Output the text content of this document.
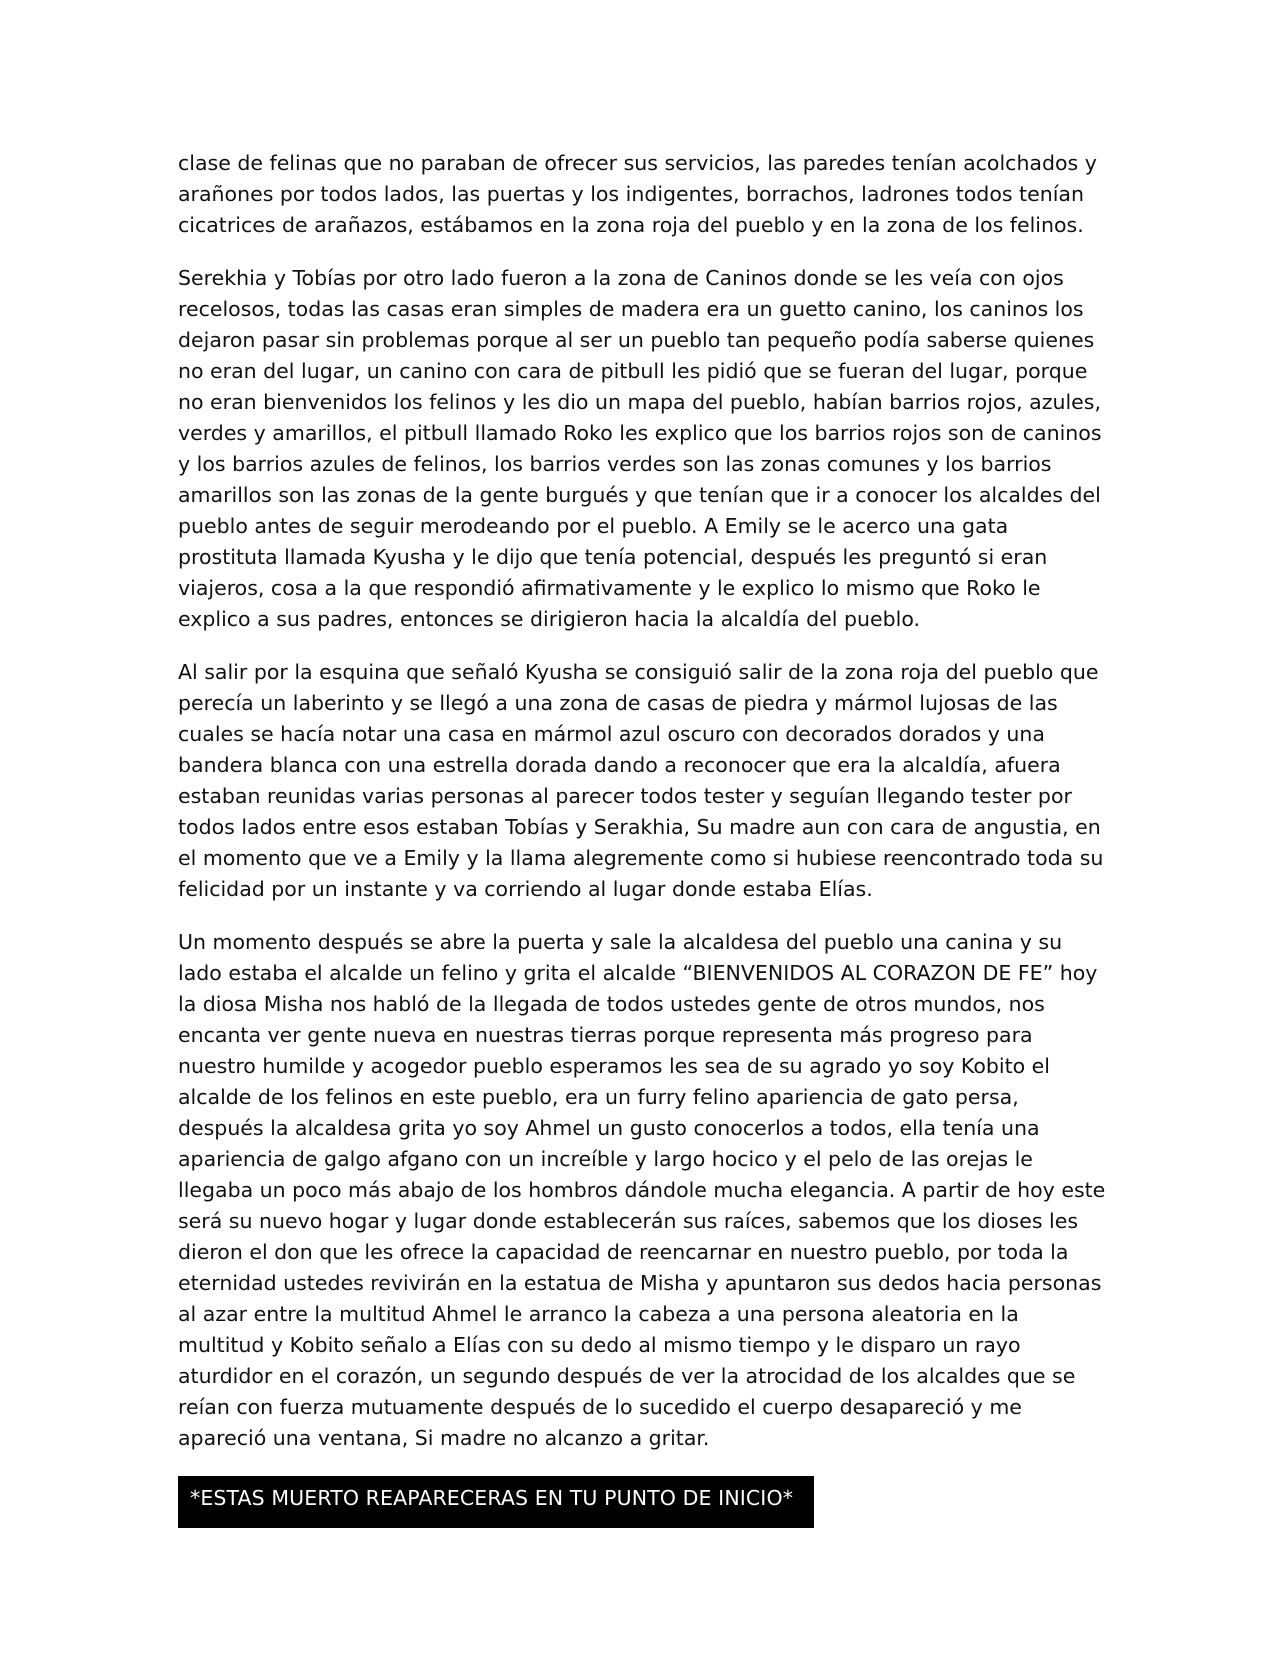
clase de felinas que no paraban de ofrecer sus servicios, las paredes tenían acolchados y arañones por todos lados, las puertas y los indigentes, borrachos, ladrones todos tenían cicatrices de arañazos, estábamos en la zona roja del pueblo y en la zona de los felinos.

Serekhia y Tobías por otro lado fueron a la zona de Caninos donde se les veía con ojos recelosos, todas las casas eran simples de madera era un guetto canino, los caninos los dejaron pasar sin problemas porque al ser un pueblo tan pequeño podía saberse quienes no eran del lugar, un canino con cara de pitbull les pidió que se fueran del lugar, porque no eran bienvenidos los felinos y les dio un mapa del pueblo, habían barrios rojos, azules, verdes y amarillos, el pitbull llamado Roko les explico que los barrios rojos son de caninos y los barrios azules de felinos, los barrios verdes son las zonas comunes y los barrios amarillos son las zonas de la gente burgués y que tenían que ir a conocer los alcaldes del pueblo antes de seguir merodeando por el pueblo. A Emily se le acerco una gata prostituta llamada Kyusha y le dijo que tenía potencial, después les preguntó si eran viajeros, cosa a la que respondió afirmativamente y le explico lo mismo que Roko le explico a sus padres, entonces se dirigieron hacia la alcaldía del pueblo.

Al salir por la esquina que señaló Kyusha se consiguió salir de la zona roja del pueblo que perecía un laberinto y se llegó a una zona de casas de piedra y mármol lujosas de las cuales se hacía notar una casa en mármol azul oscuro con decorados dorados y una bandera blanca con una estrella dorada dando a reconocer que era la alcaldía, afuera estaban reunidas varias personas al parecer todos tester y seguían llegando tester por todos lados entre esos estaban Tobías y Serakhia, Su madre aun con cara de angustia, en el momento que ve a Emily y la llama alegremente como si hubiese reencontrado toda su felicidad por un instante y va corriendo al lugar donde estaba Elías.

Un momento después se abre la puerta y sale la alcaldesa del pueblo una canina y su lado estaba el alcalde un felino y grita el alcalde “BIENVENIDOS AL CORAZON DE FE” hoy la diosa Misha nos habló de la llegada de todos ustedes gente de otros mundos, nos encanta ver gente nueva en nuestras tierras porque representa más progreso para nuestro humilde y acogedor pueblo esperamos les sea de su agrado yo soy Kobito el alcalde de los felinos en este pueblo, era un furry felino apariencia de gato persa, después la alcaldesa grita yo soy Ahmel un gusto conocerlos a todos, ella tenía una apariencia de galgo afgano con un increíble y largo hocico y el pelo de las orejas le llegaba un poco más abajo de los hombros dándole mucha elegancia. A partir de hoy este será su nuevo hogar y lugar donde establecerán sus raíces, sabemos que los dioses les dieron el don que les ofrece la capacidad de reencarnar en nuestro pueblo, por toda la eternidad ustedes revivirán en la estatua de Misha y apuntaron sus dedos hacia personas al azar entre la multitud Ahmel le arranco la cabeza a una persona aleatoria en la multitud y Kobito señalo a Elías con su dedo al mismo tiempo y le disparo un rayo aturdidor en el corazón, un segundo después de ver la atrocidad de los alcaldes que se reían con fuerza mutuamente después de lo sucedido el cuerpo desapareció y me apareció una ventana, Si madre no alcanzo a gritar.

*ESTAS MUERTO REAPARECERAS EN TU PUNTO DE INICIO*
